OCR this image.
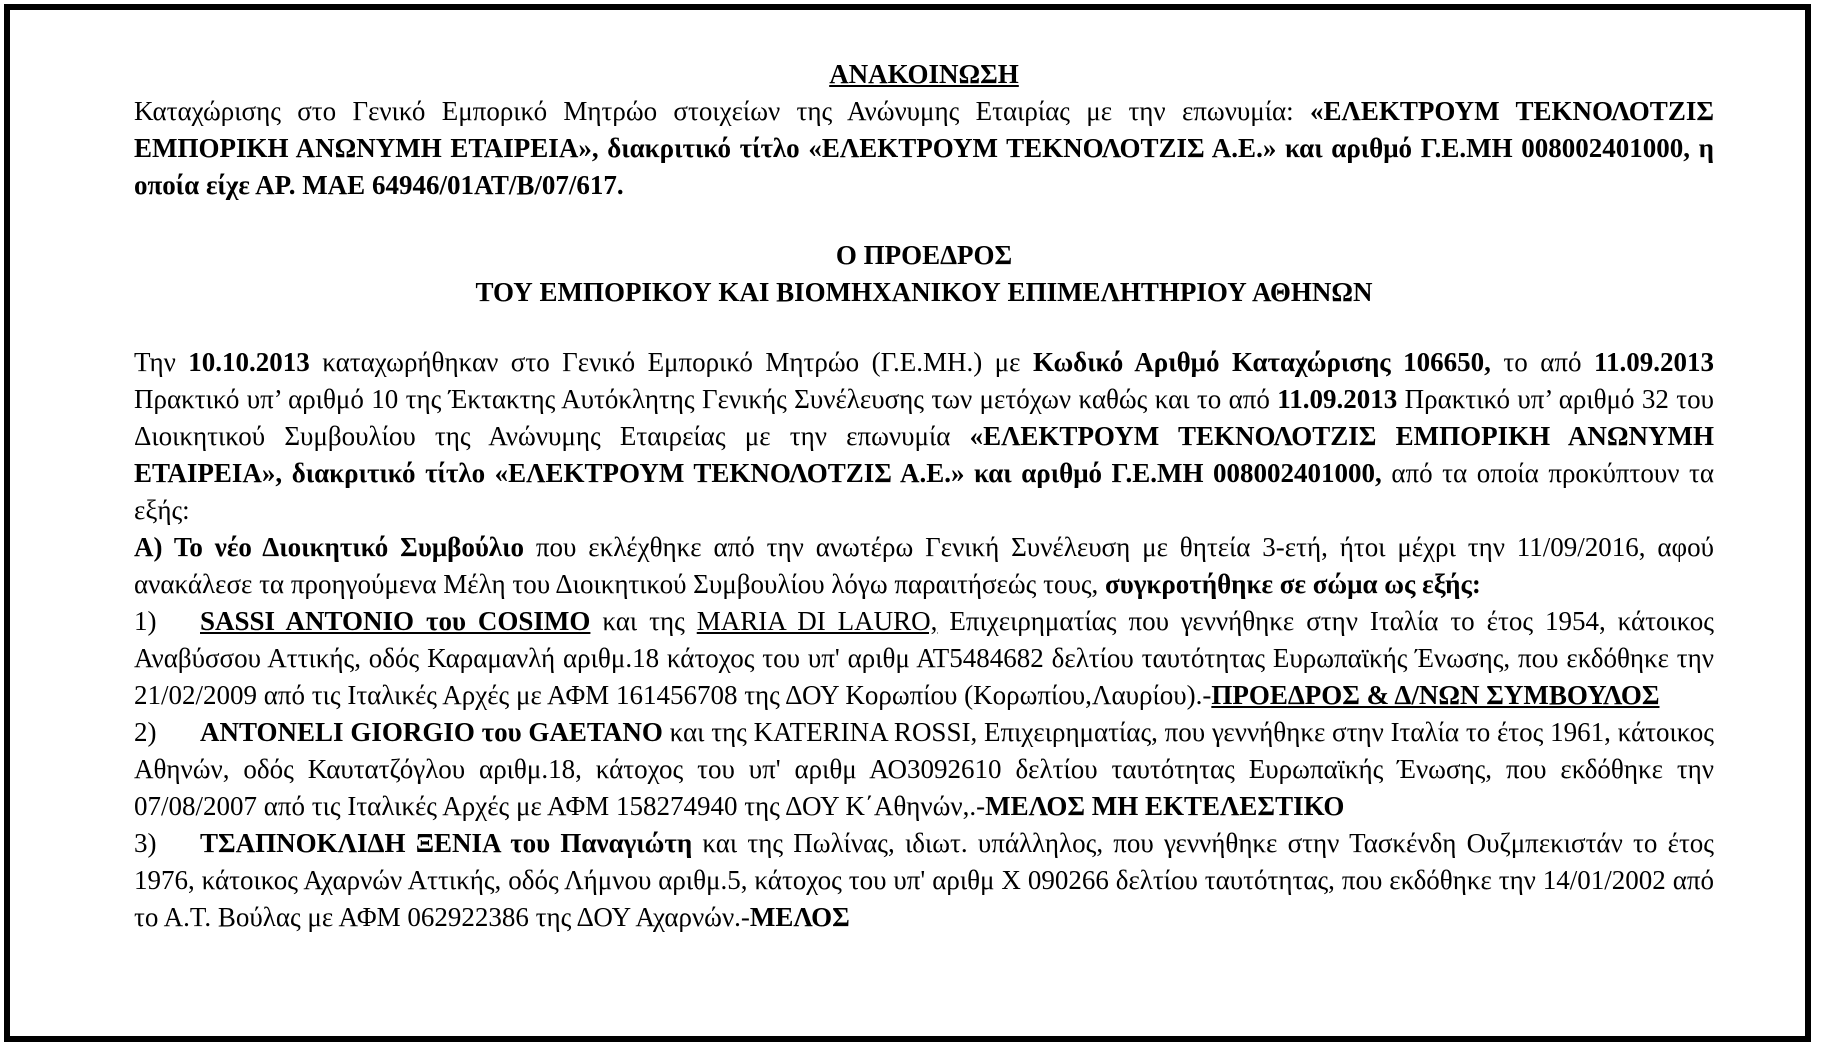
ΑΝΑΚΟΙΝΩΣΗ

Καταχώρισης στο Γενικό Εμπορικό Μητρώο στοιχείων της Ανώνυμης Εταιρίας με την επωνυμία: «ΕΛΕΚΤΡΟΥΜ ΤΕΚΝΟΛΟΤΖΙΣ ΕΜΠΟΡΙΚΗ ΑΝΩΝΥΜΗ ΕΤΑΙΡΕΙΑ», διακριτικό τίτλο «ΕΛΕΚΤΡΟΥΜ ΤΕΚΝΟΛΟΤΖΙΣ Α.Ε.» και αριθμό Γ.Ε.ΜΗ 008002401000, η οποία είχε ΑΡ. ΜΑΕ 64946/01ΑΤ/Β/07/617.

Ο ΠΡΟΕΔΡΟΣ
ΤΟΥ ΕΜΠΟΡΙΚΟΥ ΚΑΙ ΒΙΟΜΗΧΑΝΙΚΟΥ ΕΠΙΜΕΛΗΤΗΡΙΟΥ ΑΘΗΝΩΝ

Την 10.10.2013 καταχωρήθηκαν στο Γενικό Εμπορικό Μητρώο (Γ.Ε.ΜΗ.) με Κωδικό Αριθμό Καταχώρισης 106650, το από 11.09.2013 Πρακτικό υπ’ αριθμό 10 της Έκτακτης Αυτόκλητης Γενικής Συνέλευσης των μετόχων καθώς και το από 11.09.2013 Πρακτικό υπ’ αριθμό 32 του Διοικητικού Συμβουλίου της Ανώνυμης Εταιρείας με την επωνυμία «ΕΛΕΚΤΡΟΥΜ ΤΕΚΝΟΛΟΤΖΙΣ ΕΜΠΟΡΙΚΗ ΑΝΩΝΥΜΗ ΕΤΑΙΡΕΙΑ», διακριτικό τίτλο «ΕΛΕΚΤΡΟΥΜ ΤΕΚΝΟΛΟΤΖΙΣ Α.Ε.» και αριθμό Γ.Ε.ΜΗ 008002401000, από τα οποία προκύπτουν τα εξής:

Α) Το νέο Διοικητικό Συμβούλιο που εκλέχθηκε από την ανωτέρω Γενική Συνέλευση με θητεία 3-ετή, ήτοι μέχρι την 11/09/2016, αφού ανακάλεσε τα προηγούμενα Μέλη του Διοικητικού Συμβουλίου λόγω παραιτήσεώς τους, συγκροτήθηκε σε σώμα ως εξής:

1) SASSI ANTONIO του COSIMO και της MARIA DI LAURO, Επιχειρηματίας που γεννήθηκε στην Ιταλία το έτος 1954, κάτοικος Αναβύσσου Αττικής, οδός Καραμανλή αριθμ.18 κάτοχος του υπ' αριθμ ΑΤ5484682 δελτίου ταυτότητας Ευρωπαϊκής Ένωσης, που εκδόθηκε την 21/02/2009 από τις Ιταλικές Αρχές με ΑΦΜ 161456708 της ΔΟΥ Κορωπίου (Κορωπίου,Λαυρίου).-ΠΡΟΕΔΡΟΣ & Δ/ΝΩΝ ΣΥΜΒΟΥΛΟΣ

2) ANTONELI GIORGIO του GAETANO και της KATERINA ROSSI, Επιχειρηματίας, που γεννήθηκε στην Ιταλία το έτος 1961, κάτοικος Αθηνών, οδός Καυτατζόγλου αριθμ.18, κάτοχος του υπ' αριθμ ΑΟ3092610 δελτίου ταυτότητας Ευρωπαϊκής Ένωσης, που εκδόθηκε την 07/08/2007 από τις Ιταλικές Αρχές με ΑΦΜ 158274940 της ΔΟΥ Κ΄Αθηνών,.-ΜΕΛΟΣ ΜΗ ΕΚΤΕΛΕΣΤΙΚΟ

3) ΤΣΑΠΝΟΚΛΙΔΗ ΞΕΝΙΑ του Παναγιώτη και της Πωλίνας, ιδιωτ. υπάλληλος, που γεννήθηκε στην Τασκένδη Ουζμπεκιστάν το έτος 1976, κάτοικος Αχαρνών Αττικής, οδός Λήμνου αριθμ.5, κάτοχος του υπ' αριθμ Χ 090266 δελτίου ταυτότητας, που εκδόθηκε την 14/01/2002 από το Α.Τ. Βούλας με ΑΦΜ 062922386 της ΔΟΥ Αχαρνών.-ΜΕΛΟΣ
